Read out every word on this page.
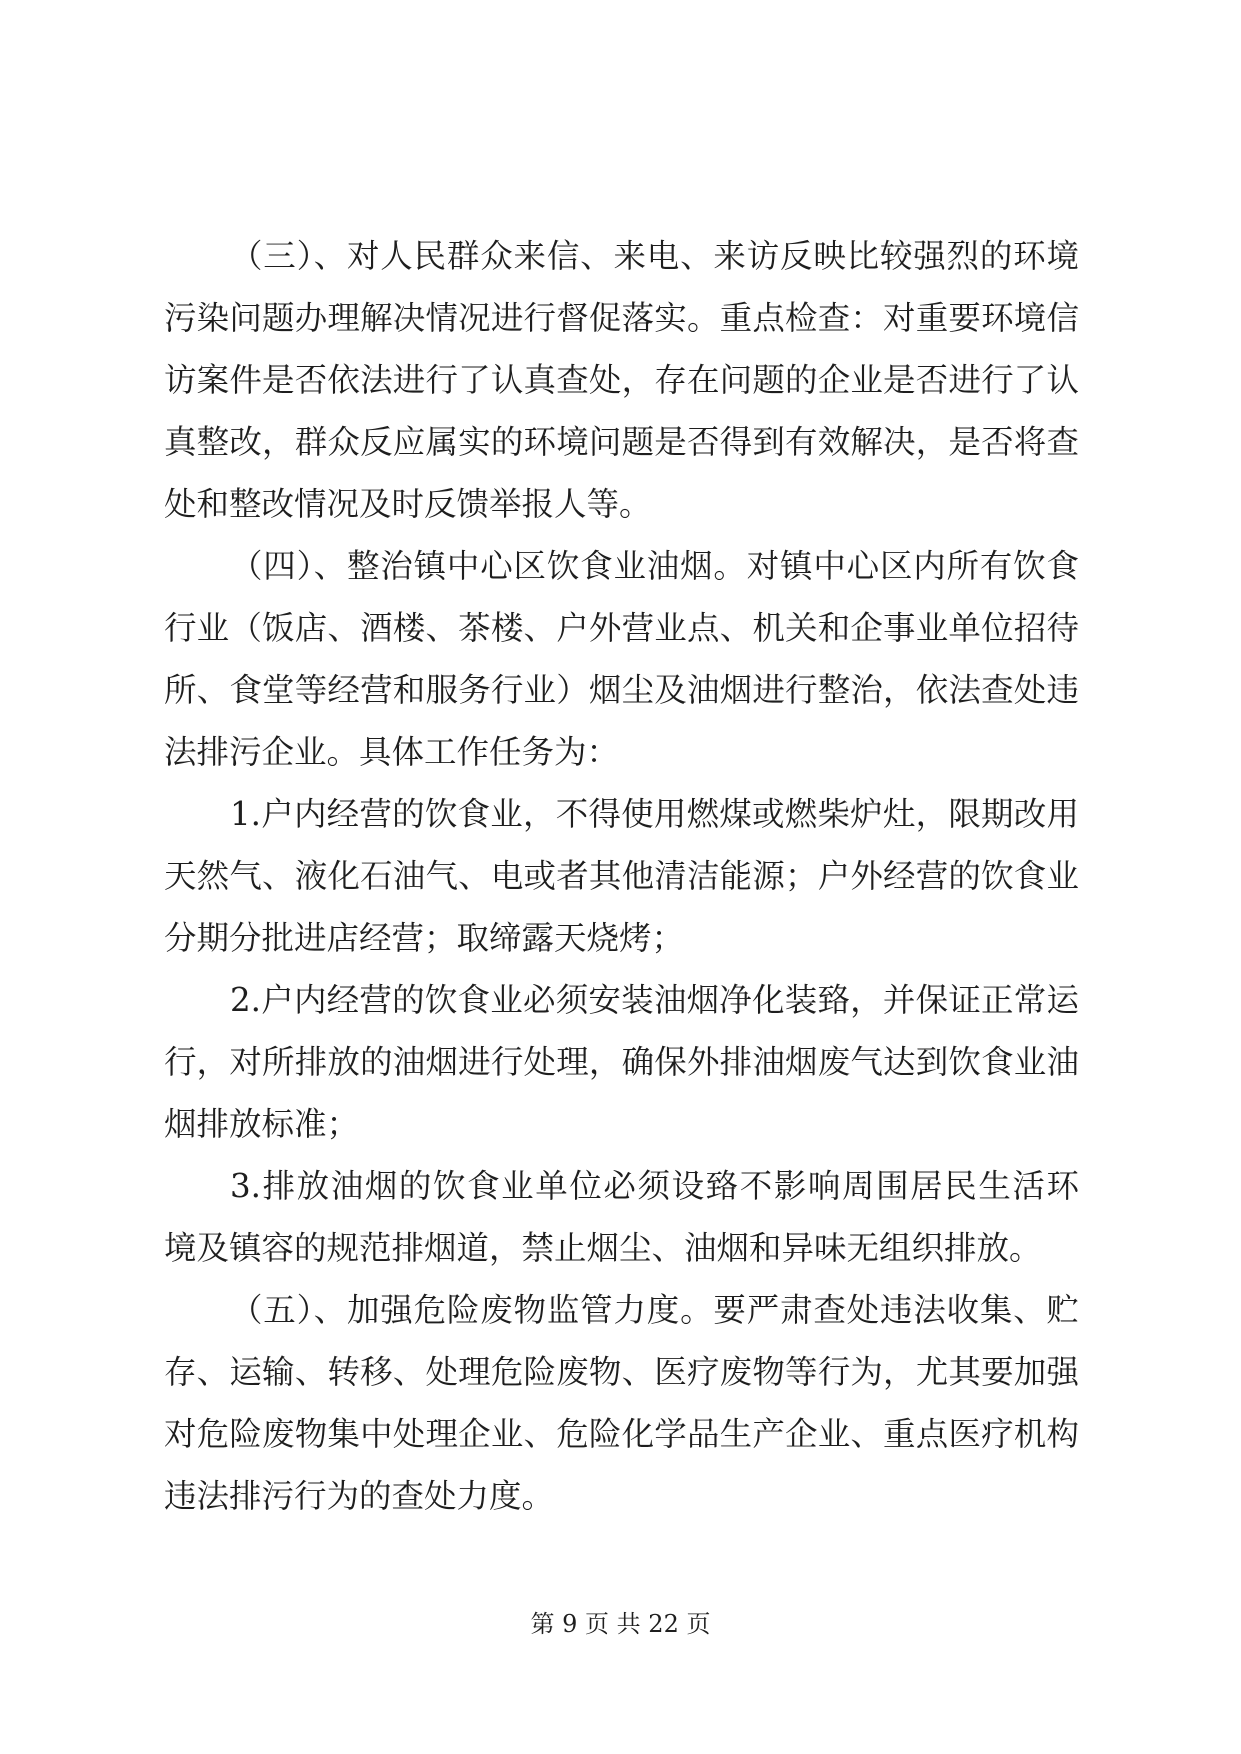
（三）、对人民群众来信、来电、来访反映比较强烈的环境
污染问题办理解决情况进行督促落实。重点检查：对重要环境信
访案件是否依法进行了认真查处，存在问题的企业是否进行了认
真整改，群众反应属实的环境问题是否得到有效解决，是否将查
处和整改情况及时反馈举报人等。
（四）、整治镇中心区饮食业油烟。对镇中心区内所有饮食
行业（饭店、酒楼、茶楼、户外营业点、机关和企事业单位招待
所、食堂等经营和服务行业）烟尘及油烟进行整治，依法查处违
法排污企业。具体工作任务为：
1.户内经营的饮食业，不得使用燃煤或燃柴炉灶，限期改用
天然气、液化石油气、电或者其他清洁能源；户外经营的饮食业
分期分批进店经营；取缔露天烧烤；
2.户内经营的饮食业必须安装油烟净化装臵，并保证正常运
行，对所排放的油烟进行处理，确保外排油烟废气达到饮食业油
烟排放标准；
3.排放油烟的饮食业单位必须设臵不影响周围居民生活环
境及镇容的规范排烟道，禁止烟尘、油烟和异味无组织排放。
（五）、加强危险废物监管力度。要严肃查处违法收集、贮
存、运输、转移、处理危险废物、医疗废物等行为，尤其要加强
对危险废物集中处理企业、危险化学品生产企业、重点医疗机构
违法排污行为的查处力度。
第 9 页 共 22 页
